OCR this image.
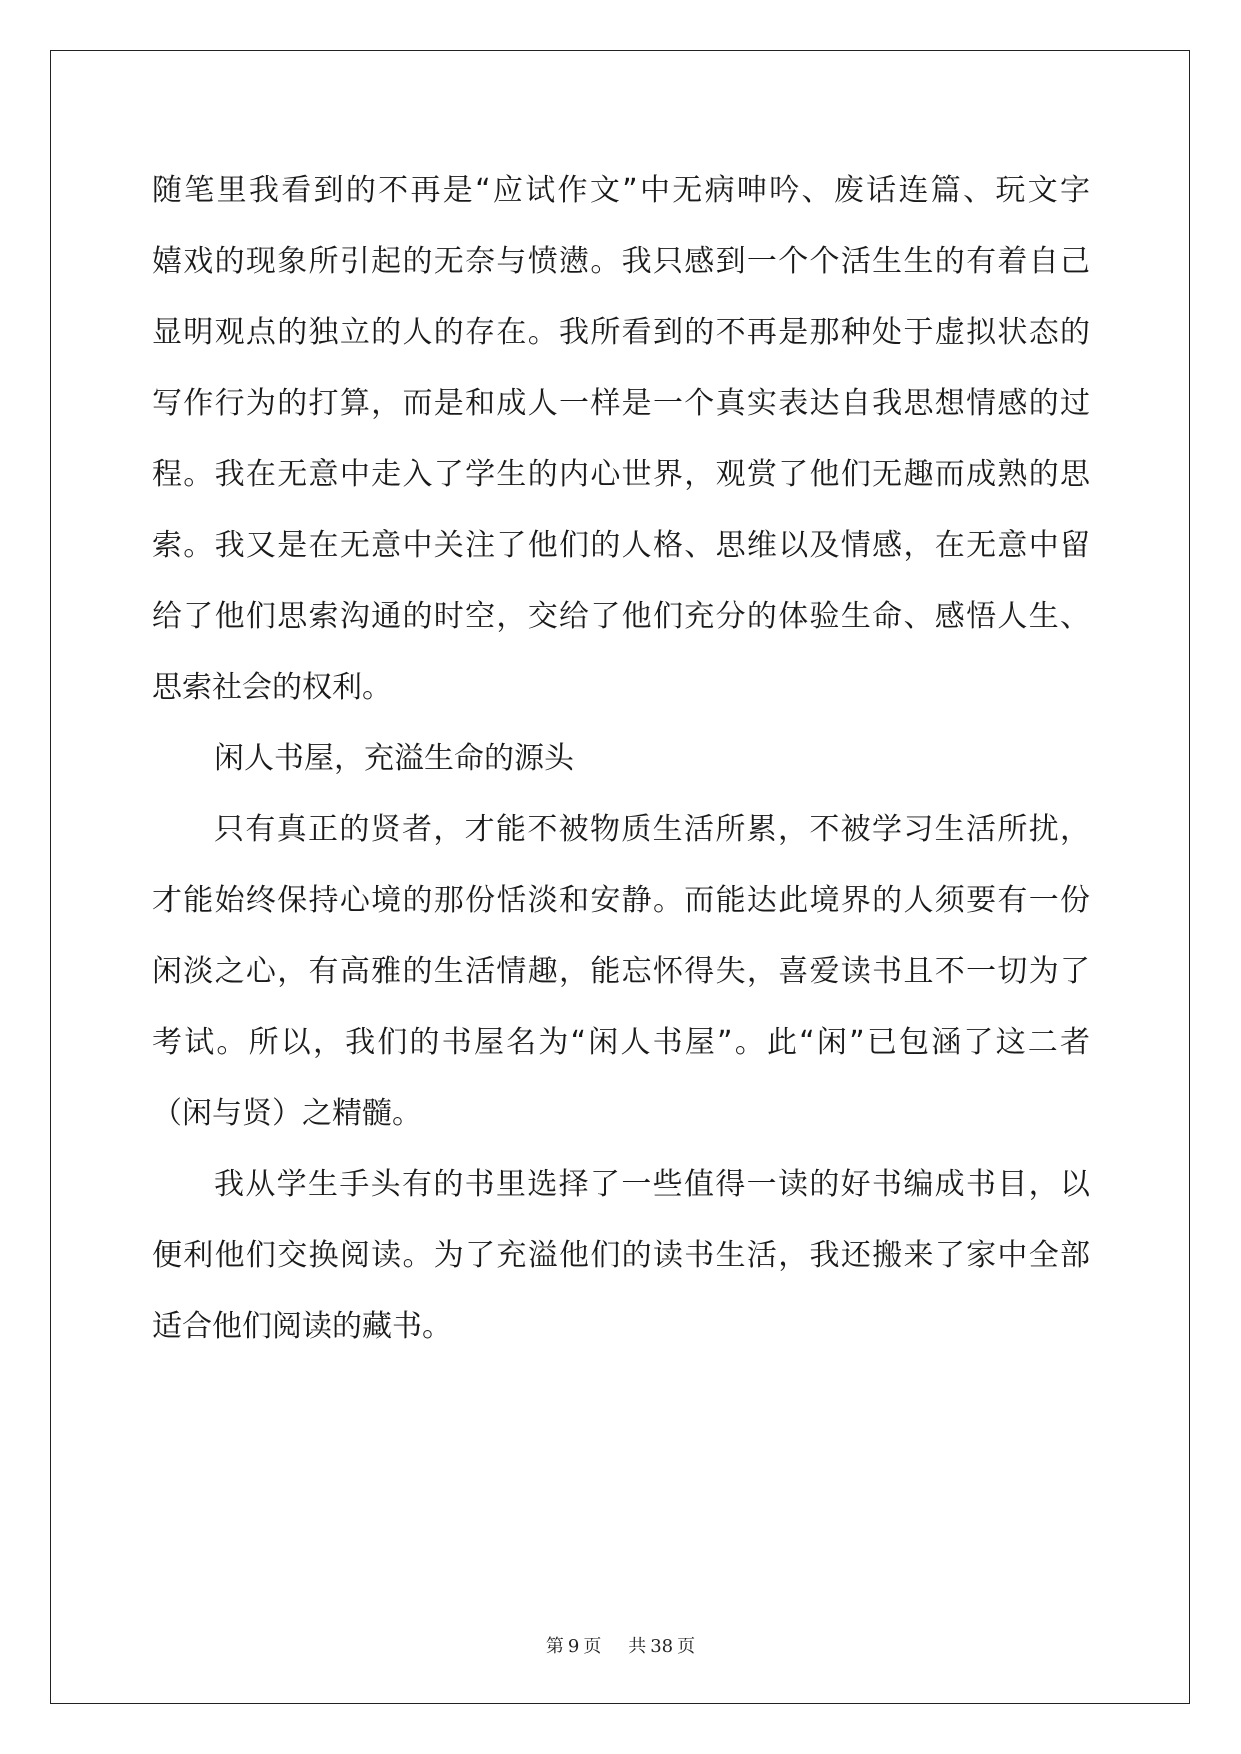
随笔里我看到的不再是“应试作文”中无病呻吟、废话连篇、玩文字
嬉戏的现象所引起的无奈与愤懑。我只感到一个个活生生的有着自己
显明观点的独立的人的存在。我所看到的不再是那种处于虚拟状态的
写作行为的打算，而是和成人一样是一个真实表达自我思想情感的过
程。我在无意中走入了学生的内心世界，观赏了他们无趣而成熟的思
索。我又是在无意中关注了他们的人格、思维以及情感，在无意中留
给了他们思索沟通的时空，交给了他们充分的体验生命、感悟人生、
思索社会的权利。
闲人书屋，充溢生命的源头
只有真正的贤者，才能不被物质生活所累，不被学习生活所扰，
才能始终保持心境的那份恬淡和安静。而能达此境界的人须要有一份
闲淡之心，有高雅的生活情趣，能忘怀得失，喜爱读书且不一切为了
考试。所以，我们的书屋名为“闲人书屋”。此“闲”已包涵了这二者
（闲与贤）之精髓。
我从学生手头有的书里选择了一些值得一读的好书编成书目，以
便利他们交换阅读。为了充溢他们的读书生活，我还搬来了家中全部
适合他们阅读的藏书。
第 9 页 共 38 页
